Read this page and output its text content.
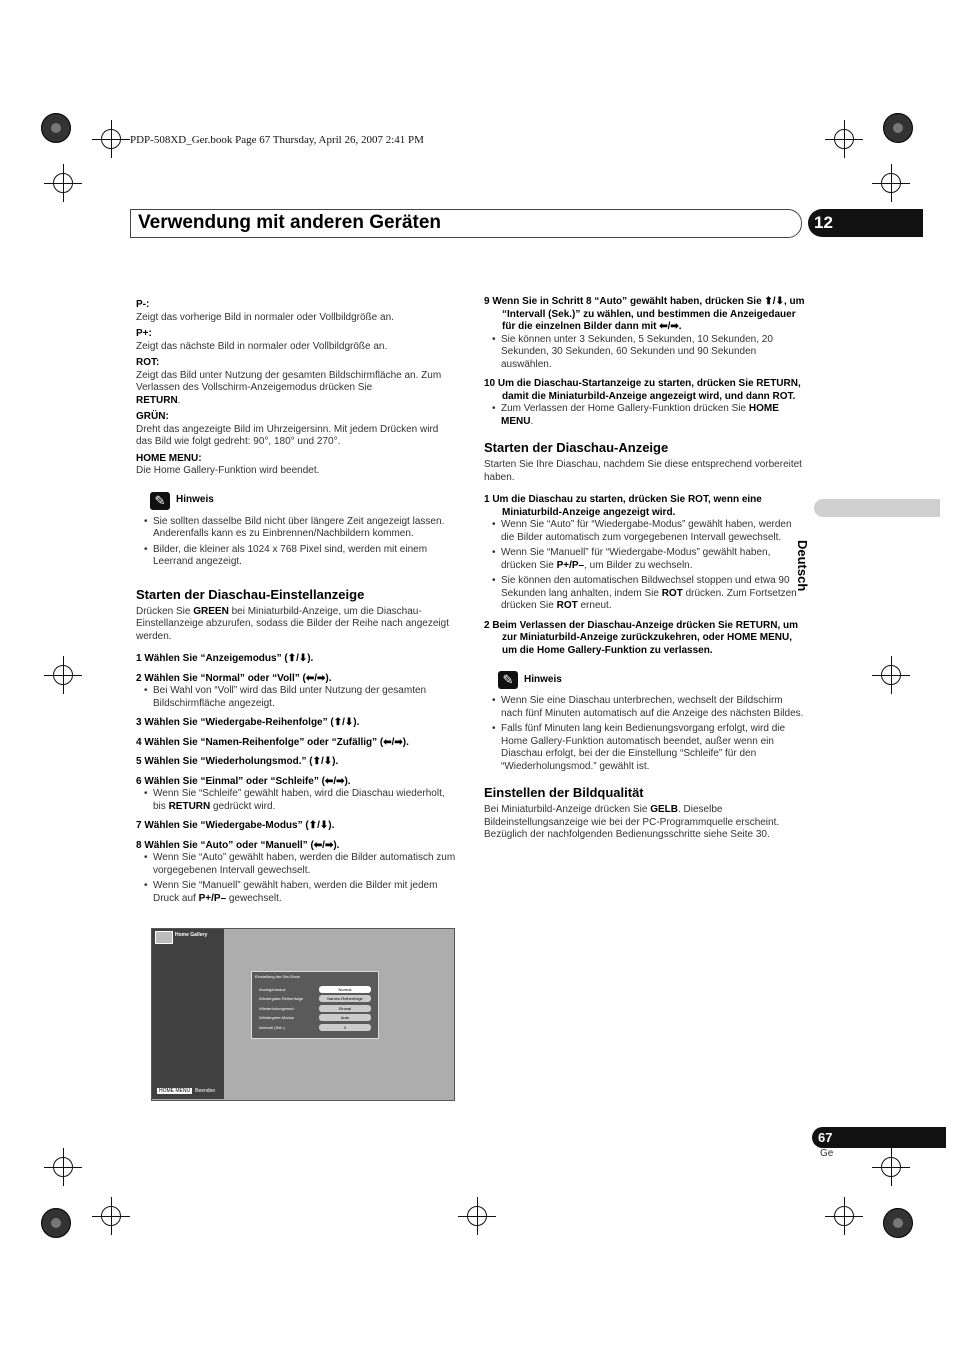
PDP-508XD_Ger.book Page 67 Thursday, April 26, 2007 2:41 PM
Verwendung mit anderen Geräten	12
Deutsch

P-:

Zeigt das vorherige Bild in normaler oder Vollbildgröße an.

P+:

Zeigt das nächste Bild in normaler oder Vollbildgröße an.

ROT:

Zeigt das Bild unter Nutzung der gesamten Bildschirmfläche an. Zum Verlassen des Vollschirm-Anzeigemodus drücken Sie
RETURN.

GRÜN:

Dreht das angezeigte Bild im Uhrzeigersinn. Mit jedem Drücken wird das Bild wie folgt gedreht: 90°, 180° und 270°.

HOME MENU:

Die Home Gallery-Funktion wird beendet.

✎ Hinweis

• Sie sollten dasselbe Bild nicht über längere Zeit angezeigt lassen. Anderenfalls kann es zu Einbrennen/Nachbildern kommen.

• Bilder, die kleiner als 1024 x 768 Pixel sind, werden mit einem Leerrand angezeigt.

Starten der Diaschau-Einstellanzeige

Drücken Sie GREEN bei Miniaturbild-Anzeige, um die Diaschau-Einstellanzeige abzurufen, sodass die Bilder der Reihe nach angezeigt werden.

1 Wählen Sie “Anzeigemodus” (⬆/⬇).

2 Wählen Sie “Normal” oder “Voll” (⬅/➡).

• Bei Wahl von “Voll” wird das Bild unter Nutzung der gesamten Bildschirmfläche angezeigt.

3 Wählen Sie “Wiedergabe-Reihenfolge” (⬆/⬇).

4 Wählen Sie “Namen-Reihenfolge” oder “Zufällig” (⬅/➡).

5 Wählen Sie “Wiederholungsmod.” (⬆/⬇).

6 Wählen Sie “Einmal” oder “Schleife” (⬅/➡).

• Wenn Sie “Schleife” gewählt haben, wird die Diaschau wiederholt, bis RETURN gedrückt wird.

7 Wählen Sie “Wiedergabe-Modus” (⬆/⬇).

8 Wählen Sie “Auto” oder “Manuell” (⬅/➡).

• Wenn Sie “Auto” gewählt haben, werden die Bilder automatisch zum vorgegebenen Intervall gewechselt.

• Wenn Sie “Manuell” gewählt haben, werden die Bilder mit jedem Druck auf P+/P– gewechselt.

Home Gallery
Einstellung der Dia-Show
Anzeigemodus	Normal
Wiedergabe-Reihenfolge	Namen-Reihenfolge
Wiederholungsmod.	Einmal
Wiedergabe-Modus	Auto
Intervall (Sek.)	3
HOME MENU Beenden

9 Wenn Sie in Schritt 8 “Auto” gewählt haben, drücken Sie ⬆/⬇, um “Intervall (Sek.)” zu wählen, und bestimmen die Anzeigedauer für die einzelnen Bilder dann mit ⬅/➡.

• Sie können unter 3 Sekunden, 5 Sekunden, 10 Sekunden, 20 Sekunden, 30 Sekunden, 60 Sekunden und 90 Sekunden auswählen.

10 Um die Diaschau-Startanzeige zu starten, drücken Sie RETURN, damit die Miniaturbild-Anzeige angezeigt wird, und dann ROT.

• Zum Verlassen der Home Gallery-Funktion drücken Sie HOME MENU.

Starten der Diaschau-Anzeige

Starten Sie Ihre Diaschau, nachdem Sie diese entsprechend vorbereitet haben.

1 Um die Diaschau zu starten, drücken Sie ROT, wenn eine Miniaturbild-Anzeige angezeigt wird.

• Wenn Sie “Auto” für “Wiedergabe-Modus” gewählt haben, werden die Bilder automatisch zum vorgegebenen Intervall gewechselt.

• Wenn Sie “Manuell” für “Wiedergabe-Modus” gewählt haben, drücken Sie P+/P–, um Bilder zu wechseln.

• Sie können den automatischen Bildwechsel stoppen und etwa 90 Sekunden lang anhalten, indem Sie ROT drücken. Zum Fortsetzen drücken Sie ROT erneut.

2 Beim Verlassen der Diaschau-Anzeige drücken Sie RETURN, um zur Miniaturbild-Anzeige zurückzukehren, oder HOME MENU, um die Home Gallery-Funktion zu verlassen.

✎ Hinweis

• Wenn Sie eine Diaschau unterbrechen, wechselt der Bildschirm nach fünf Minuten automatisch auf die Anzeige des nächsten Bildes.

• Falls fünf Minuten lang kein Bedienungsvorgang erfolgt, wird die Home Gallery-Funktion automatisch beendet, außer wenn ein Diaschau erfolgt, bei der die Einstellung “Schleife” für den “Wiederholungsmod.” gewählt ist.

Einstellen der Bildqualität

Bei Miniaturbild-Anzeige drücken Sie GELB. Dieselbe Bildeinstellungsanzeige wie bei der PC-Programmquelle erscheint. Bezüglich der nachfolgenden Bedienungsschritte siehe Seite 30.

67
Ge
